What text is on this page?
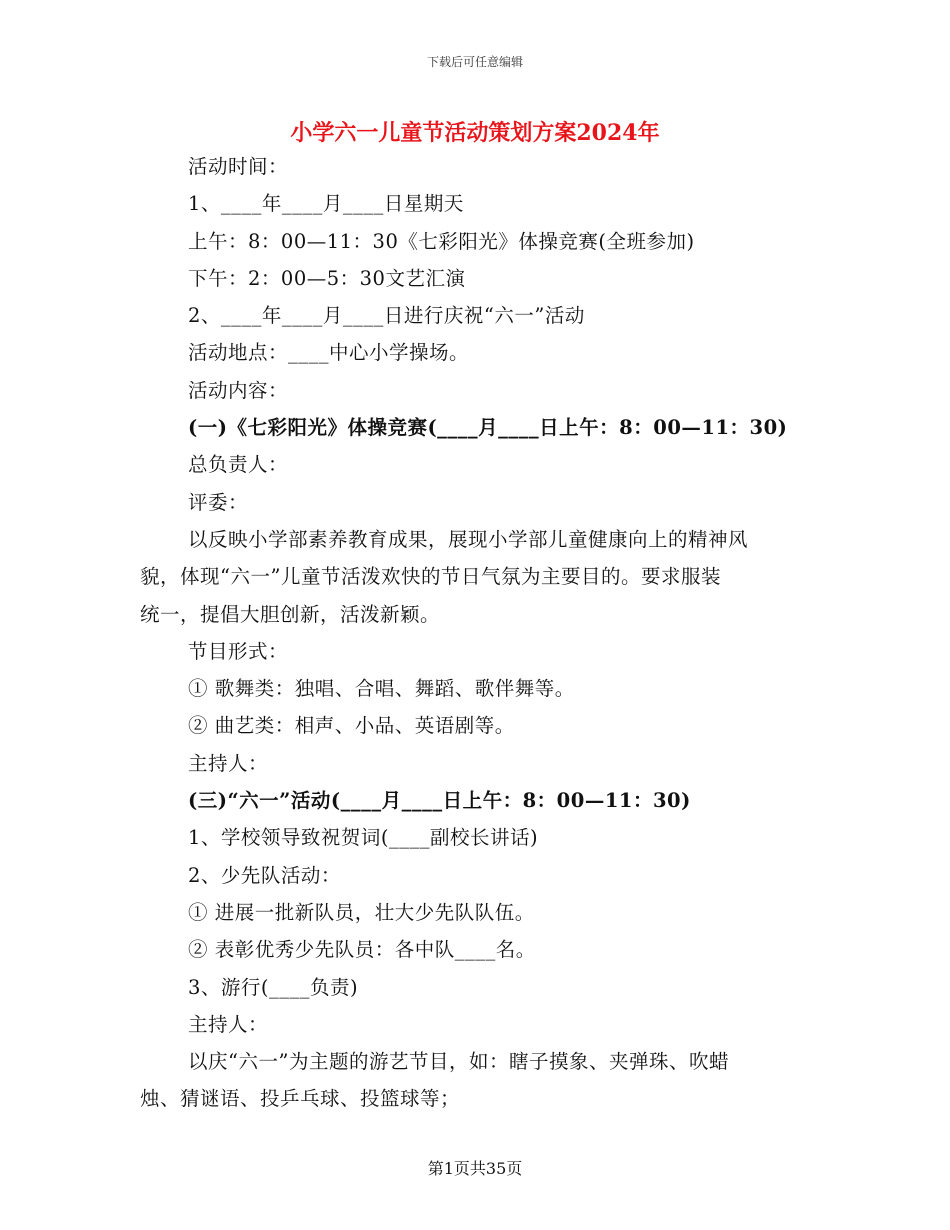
下载后可任意编辑
小学六一儿童节活动策划方案2024年
活动时间：
1、____年____月____日星期天
上午：8：00—11：30《七彩阳光》体操竞赛(全班参加)
下午：2：00—5：30文艺汇演
2、____年____月____日进行庆祝“六一”活动
活动地点：____中心小学操场。
活动内容：
(一)《七彩阳光》体操竞赛(____月____日上午：8：00—11：30)
总负责人：
评委：
以反映小学部素养教育成果，展现小学部儿童健康向上的精神风
貌，体现“六一”儿童节活泼欢快的节日气氛为主要目的。要求服装
统一，提倡大胆创新，活泼新颖。
节目形式：
① 歌舞类：独唱、合唱、舞蹈、歌伴舞等。
② 曲艺类：相声、小品、英语剧等。
主持人：
(三)“六一”活动(____月____日上午：8：00—11：30)
1、学校领导致祝贺词(____副校长讲话)
2、少先队活动：
① 进展一批新队员，壮大少先队队伍。
② 表彰优秀少先队员：各中队____名。
3、游行(____负责)
主持人：
以庆“六一”为主题的游艺节目，如：瞎子摸象、夹弹珠、吹蜡
烛、猜谜语、投乒乓球、投篮球等；
第1页共35页
